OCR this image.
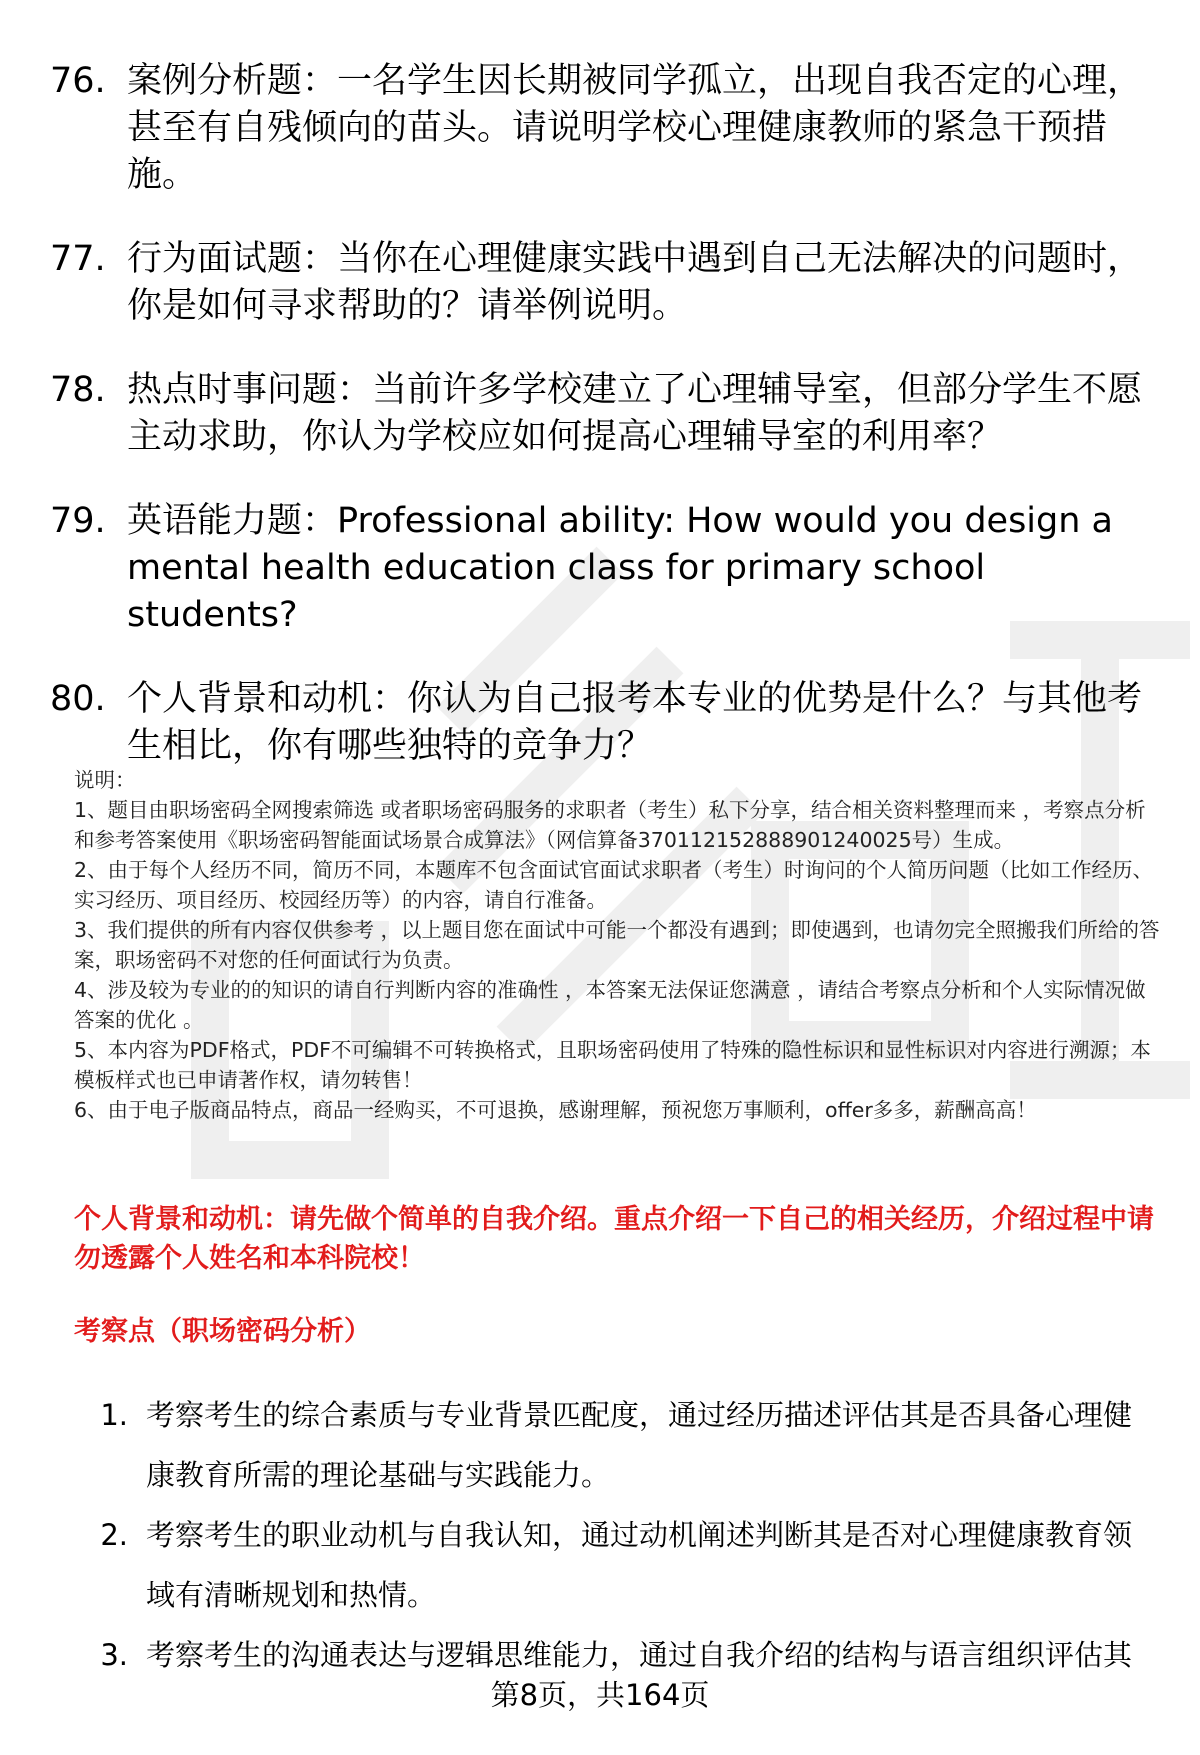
76. 案例分析题：一名学生因长期被同学孤立，出现自我否定的心理，甚至有自残倾向的苗头。请说明学校心理健康教师的紧急干预措施。
77. 行为面试题：当你在心理健康实践中遇到自己无法解决的问题时，你是如何寻求帮助的？请举例说明。
78. 热点时事问题：当前许多学校建立了心理辅导室，但部分学生不愿主动求助，你认为学校应如何提高心理辅导室的利用率？
79. 英语能力题：Professional ability: How would you design a mental health education class for primary school students?
80. 个人背景和动机：你认为自己报考本专业的优势是什么？与其他考生相比，你有哪些独特的竞争力？

说明：

1、题目由职场密码全网搜索筛选 或者职场密码服务的求职者（考生）私下分享，结合相关资料整理而来 ，考察点分析和参考答案使用《职场密码智能面试场景合成算法》（网信算备370112152888901240025号）生成。

2、由于每个人经历不同，简历不同，本题库不包含面试官面试求职者（考生）时询问的个人简历问题（比如工作经历、实习经历、项目经历、校园经历等）的内容，请自行准备。

3、我们提供的所有内容仅供参考 ，以上题目您在面试中可能一个都没有遇到；即使遇到，也请勿完全照搬我们所给的答案，职场密码不对您的任何面试行为负责。

4、涉及较为专业的的知识的请自行判断内容的准确性 ，本答案无法保证您满意 ，请结合考察点分析和个人实际情况做答案的优化 。

5、本内容为PDF格式，PDF不可编辑不可转换格式，且职场密码使用了特殊的隐性标识和显性标识对内容进行溯源；本模板样式也已申请著作权，请勿转售！

6、由于电子版商品特点，商品一经购买，不可退换，感谢理解，预祝您万事顺利，offer多多，薪酬高高！

个人背景和动机：请先做个简单的自我介绍。重点介绍一下自己的相关经历，介绍过程中请勿透露个人姓名和本科院校！
考察点（职场密码分析）
1. 考察考生的综合素质与专业背景匹配度，通过经历描述评估其是否具备心理健康教育所需的理论基础与实践能力。
2. 考察考生的职业动机与自我认知，通过动机阐述判断其是否对心理健康教育领域有清晰规划和热情。
3. 考察考生的沟通表达与逻辑思维能力，通过自我介绍的结构与语言组织评估其
第8页，共164页
